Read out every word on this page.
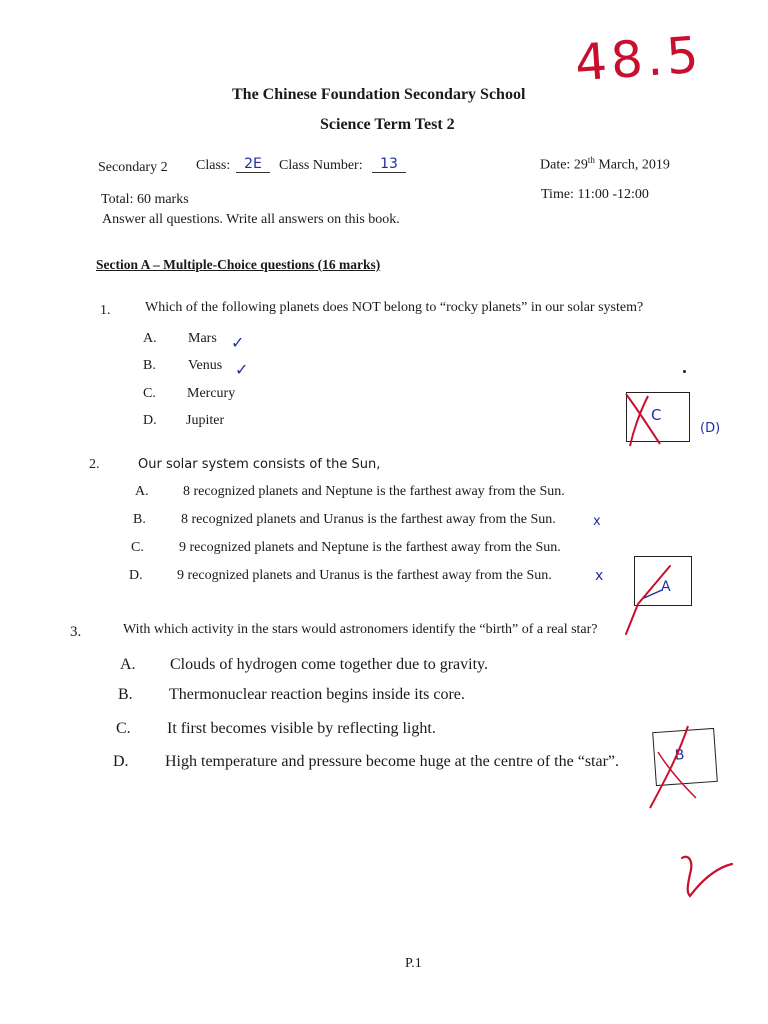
48.5
The Chinese Foundation Secondary School
Science Term Test 2
Secondary 2 Class: 2E	Class Number:	13	Date: 29th March, 2019
Total: 60 marks	Time: 11:00 -12:00
Answer all questions. Write all answers on this book.
Section A – Multiple-Choice questions (16 marks)
1. Which of the following planets does NOT belong to “rocky planets” in our solar system?
A. Mars ✓
B. Venus ✓
C. Mercury
D. Jupiter	C
(D)
2.	Our solar system consists of the Sun,
A. 8 recognized planets and Neptune is the farthest away from the Sun.
B.	8 recognized planets and Uranus is the farthest away from the Sun.	x
C.	9 recognized planets and Neptune is the farthest away from the Sun.
D. 9 recognized planets and Uranus is the farthest away from the Sun.	x
A
3.	With which activity in the stars would astronomers identify the “birth” of a real star?
A. Clouds of hydrogen come together due to gravity.
B. Thermonuclear reaction begins inside its core.
C. It first becomes visible by reflecting light.
D. High temperature and pressure become huge at the centre of the “star”.	B
P.1
